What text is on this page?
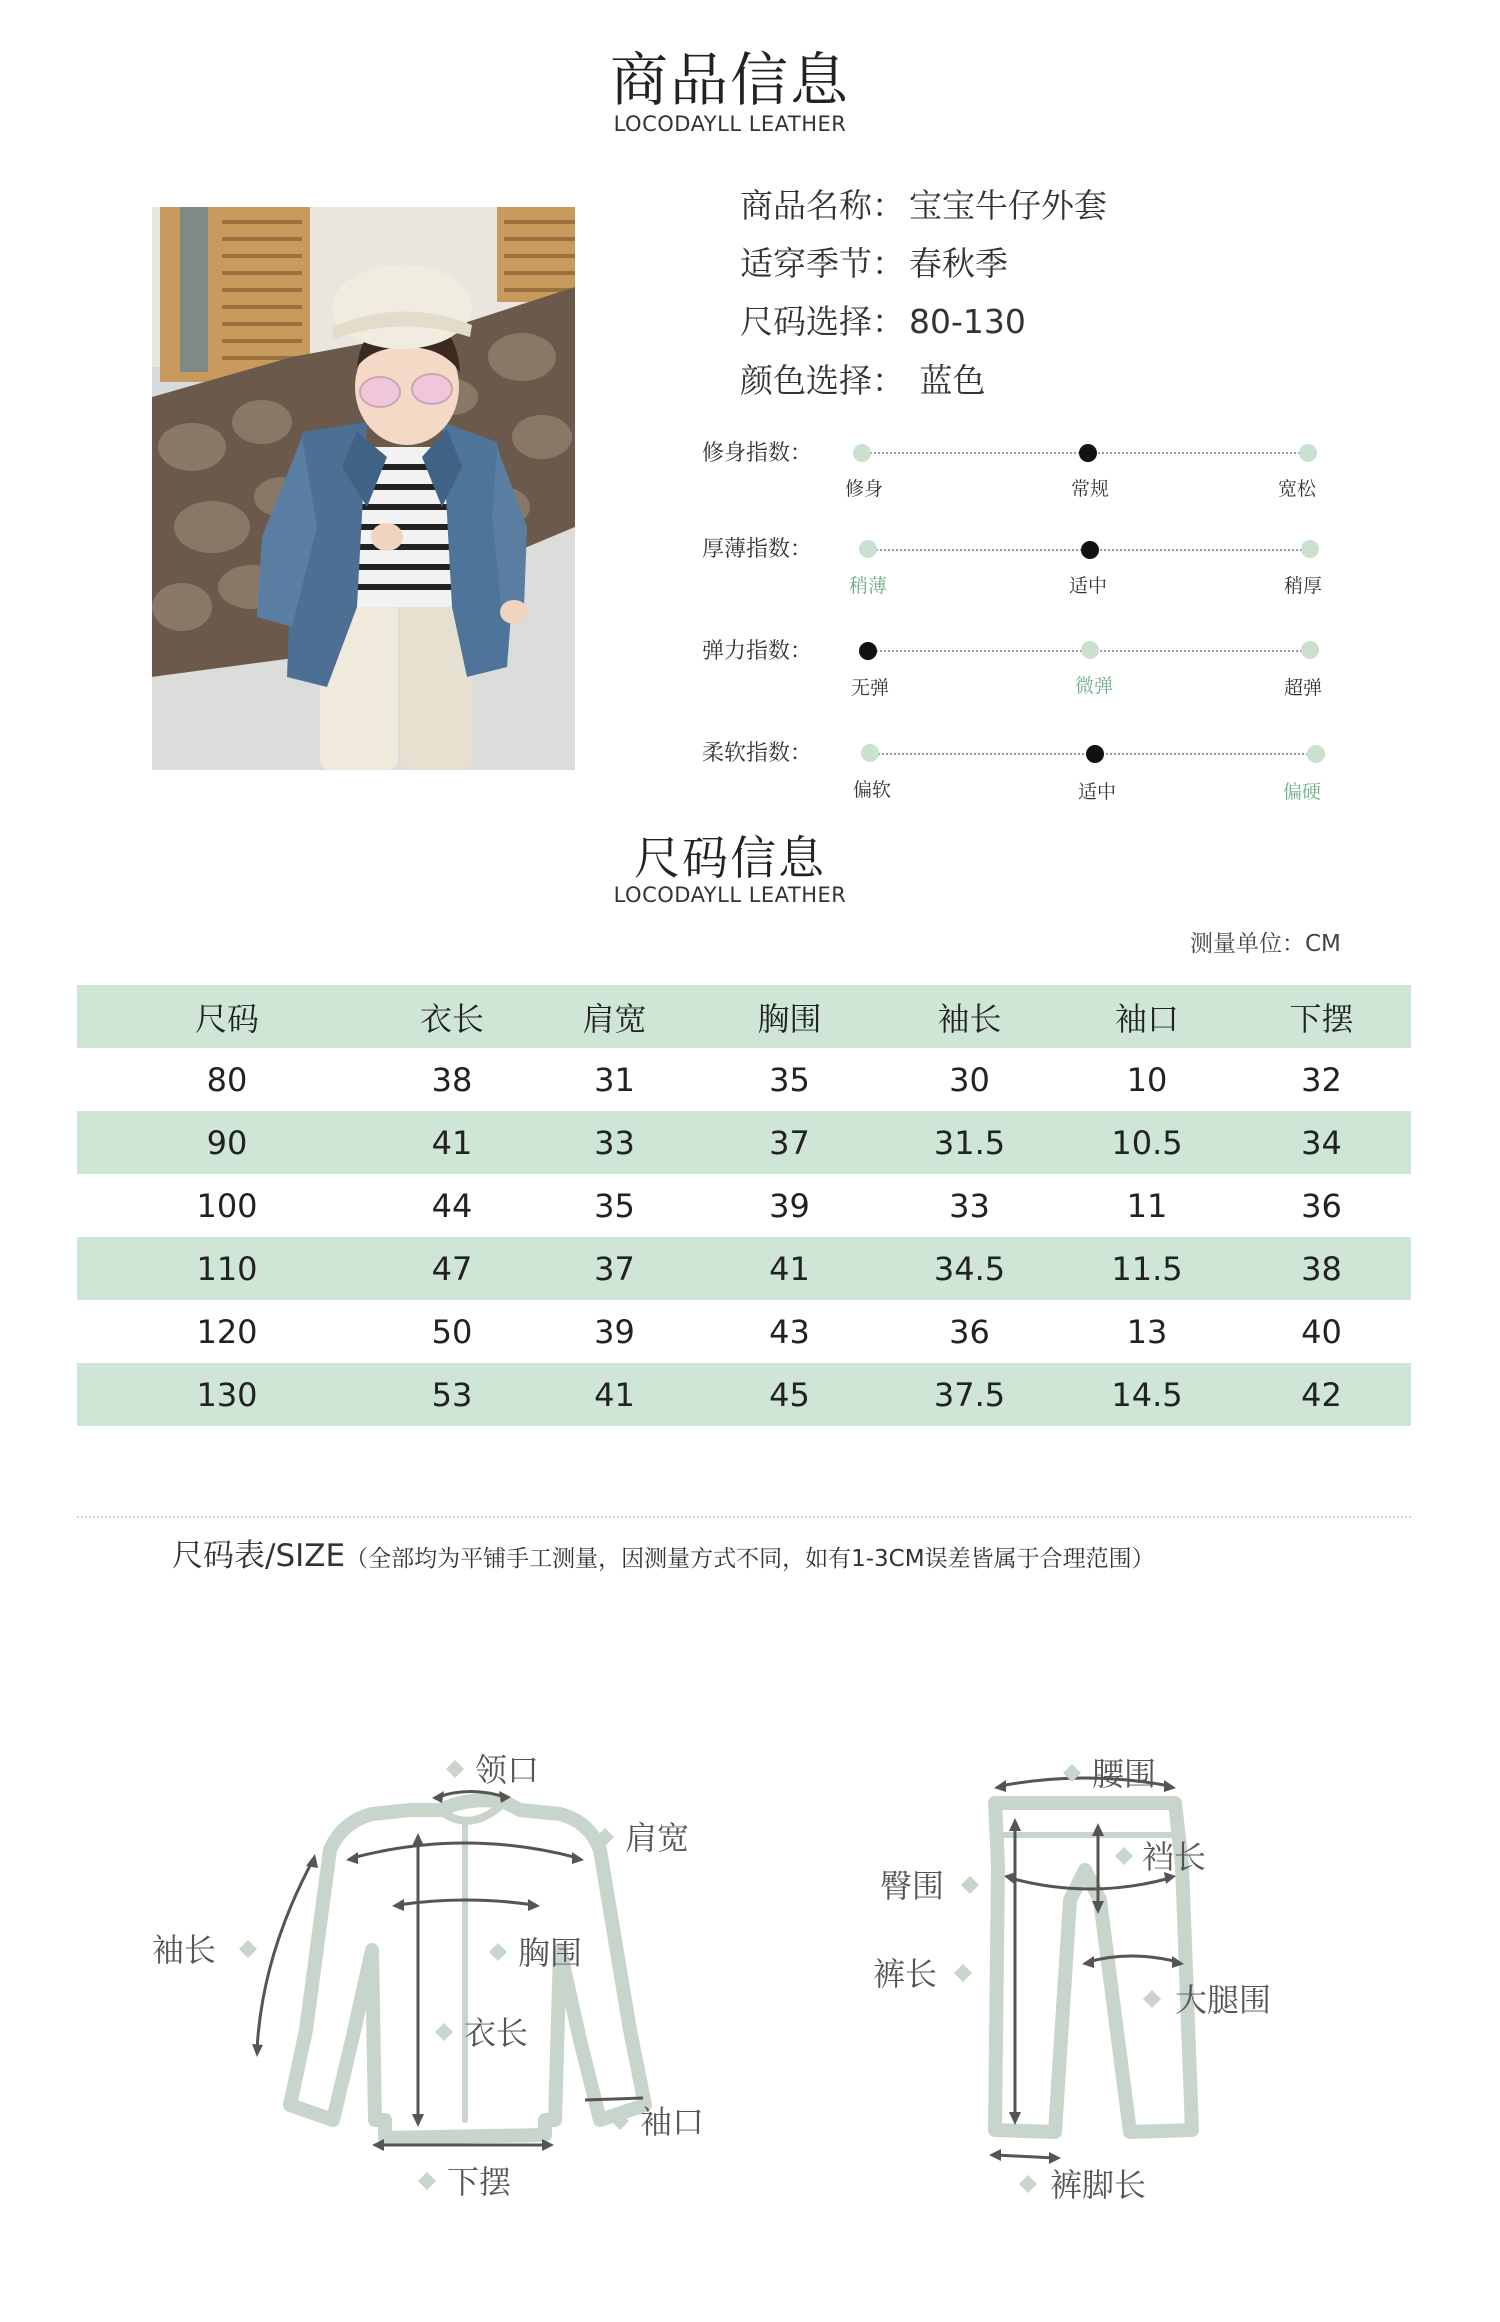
商品信息
LOCODAYLL LEATHER
商品名称： 宝宝牛仔外套
适穿季节： 春秋季
尺码选择： 80-130
颜色选择： 蓝色
修身指数：
修身	常规	宽松
厚薄指数：
稍薄	适中	稍厚
弹力指数：
无弹	微弹	超弹
柔软指数：
偏软	适中	偏硬
尺码信息
LOCODAYLL LEATHER
测量单位：CM
尺码	衣长	肩宽	胸围	袖长	袖口	下摆
80	38	31	35	30	10	32
90	41	33	37	31.5	10.5	34
100	44	35	39	33	11	36
110	47	37	41	34.5	11.5	38
120	50	39	43	36	13	40
130	53	41	45	37.5	14.5	42
尺码表/SIZE（全部均为平铺手工测量，因测量方式不同，如有1-3CM误差皆属于合理范围）
领口
肩宽
袖长	胸围
衣长
袖口
下摆
腰围
裆长
臀围
裤长
大腿围
裤脚长
